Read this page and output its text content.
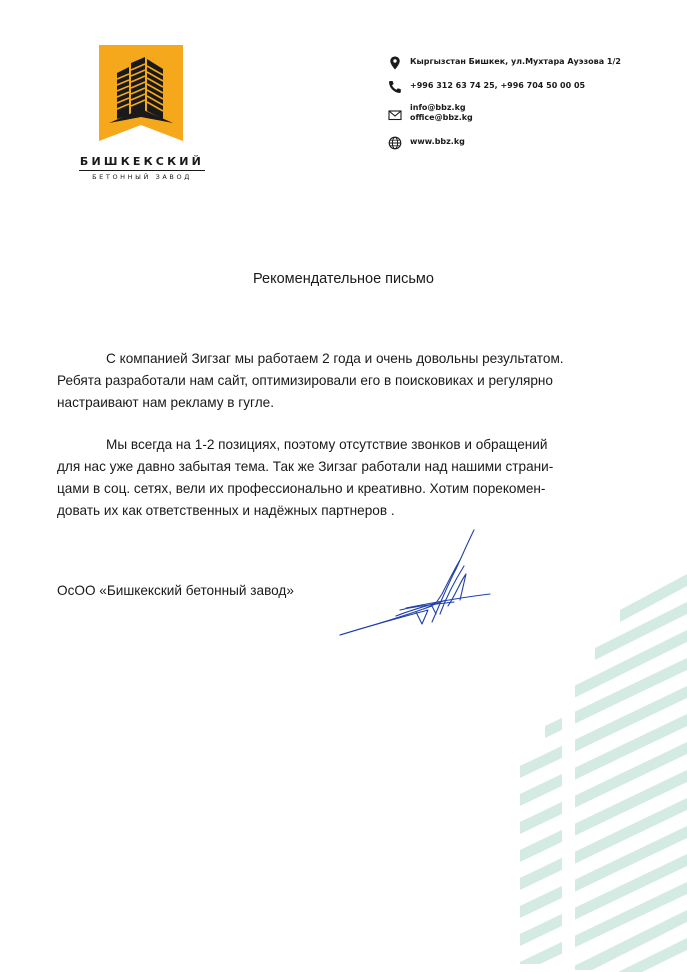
БИШКЕКСКИЙ
БЕТОННЫЙ ЗАВОД
Кыргызстан Бишкек, ул.Мухтара Ауэзова 1/2
+996 312 63 74 25, +996 704 50 00 05
info@bbz.kg
office@bbz.kg
www.bbz.kg
Рекомендательное письмо

С компанией Зигзаг мы работаем 2 года и очень довольны результатом.
Ребята разработали нам сайт, оптимизировали его в поисковиках и регулярно
настраивают нам рекламу в гугле.

Мы всегда на 1-2 позициях, поэтому отсутствие звонков и обращений
для нас уже давно забытая тема. Так же Зигзаг работали над нашими страни-
цами в соц. сетях, вели их профессионально и креативно. Хотим порекомен-
довать их как ответственных и надёжных партнеров .

ОсОО «Бишкекский бетонный завод»
